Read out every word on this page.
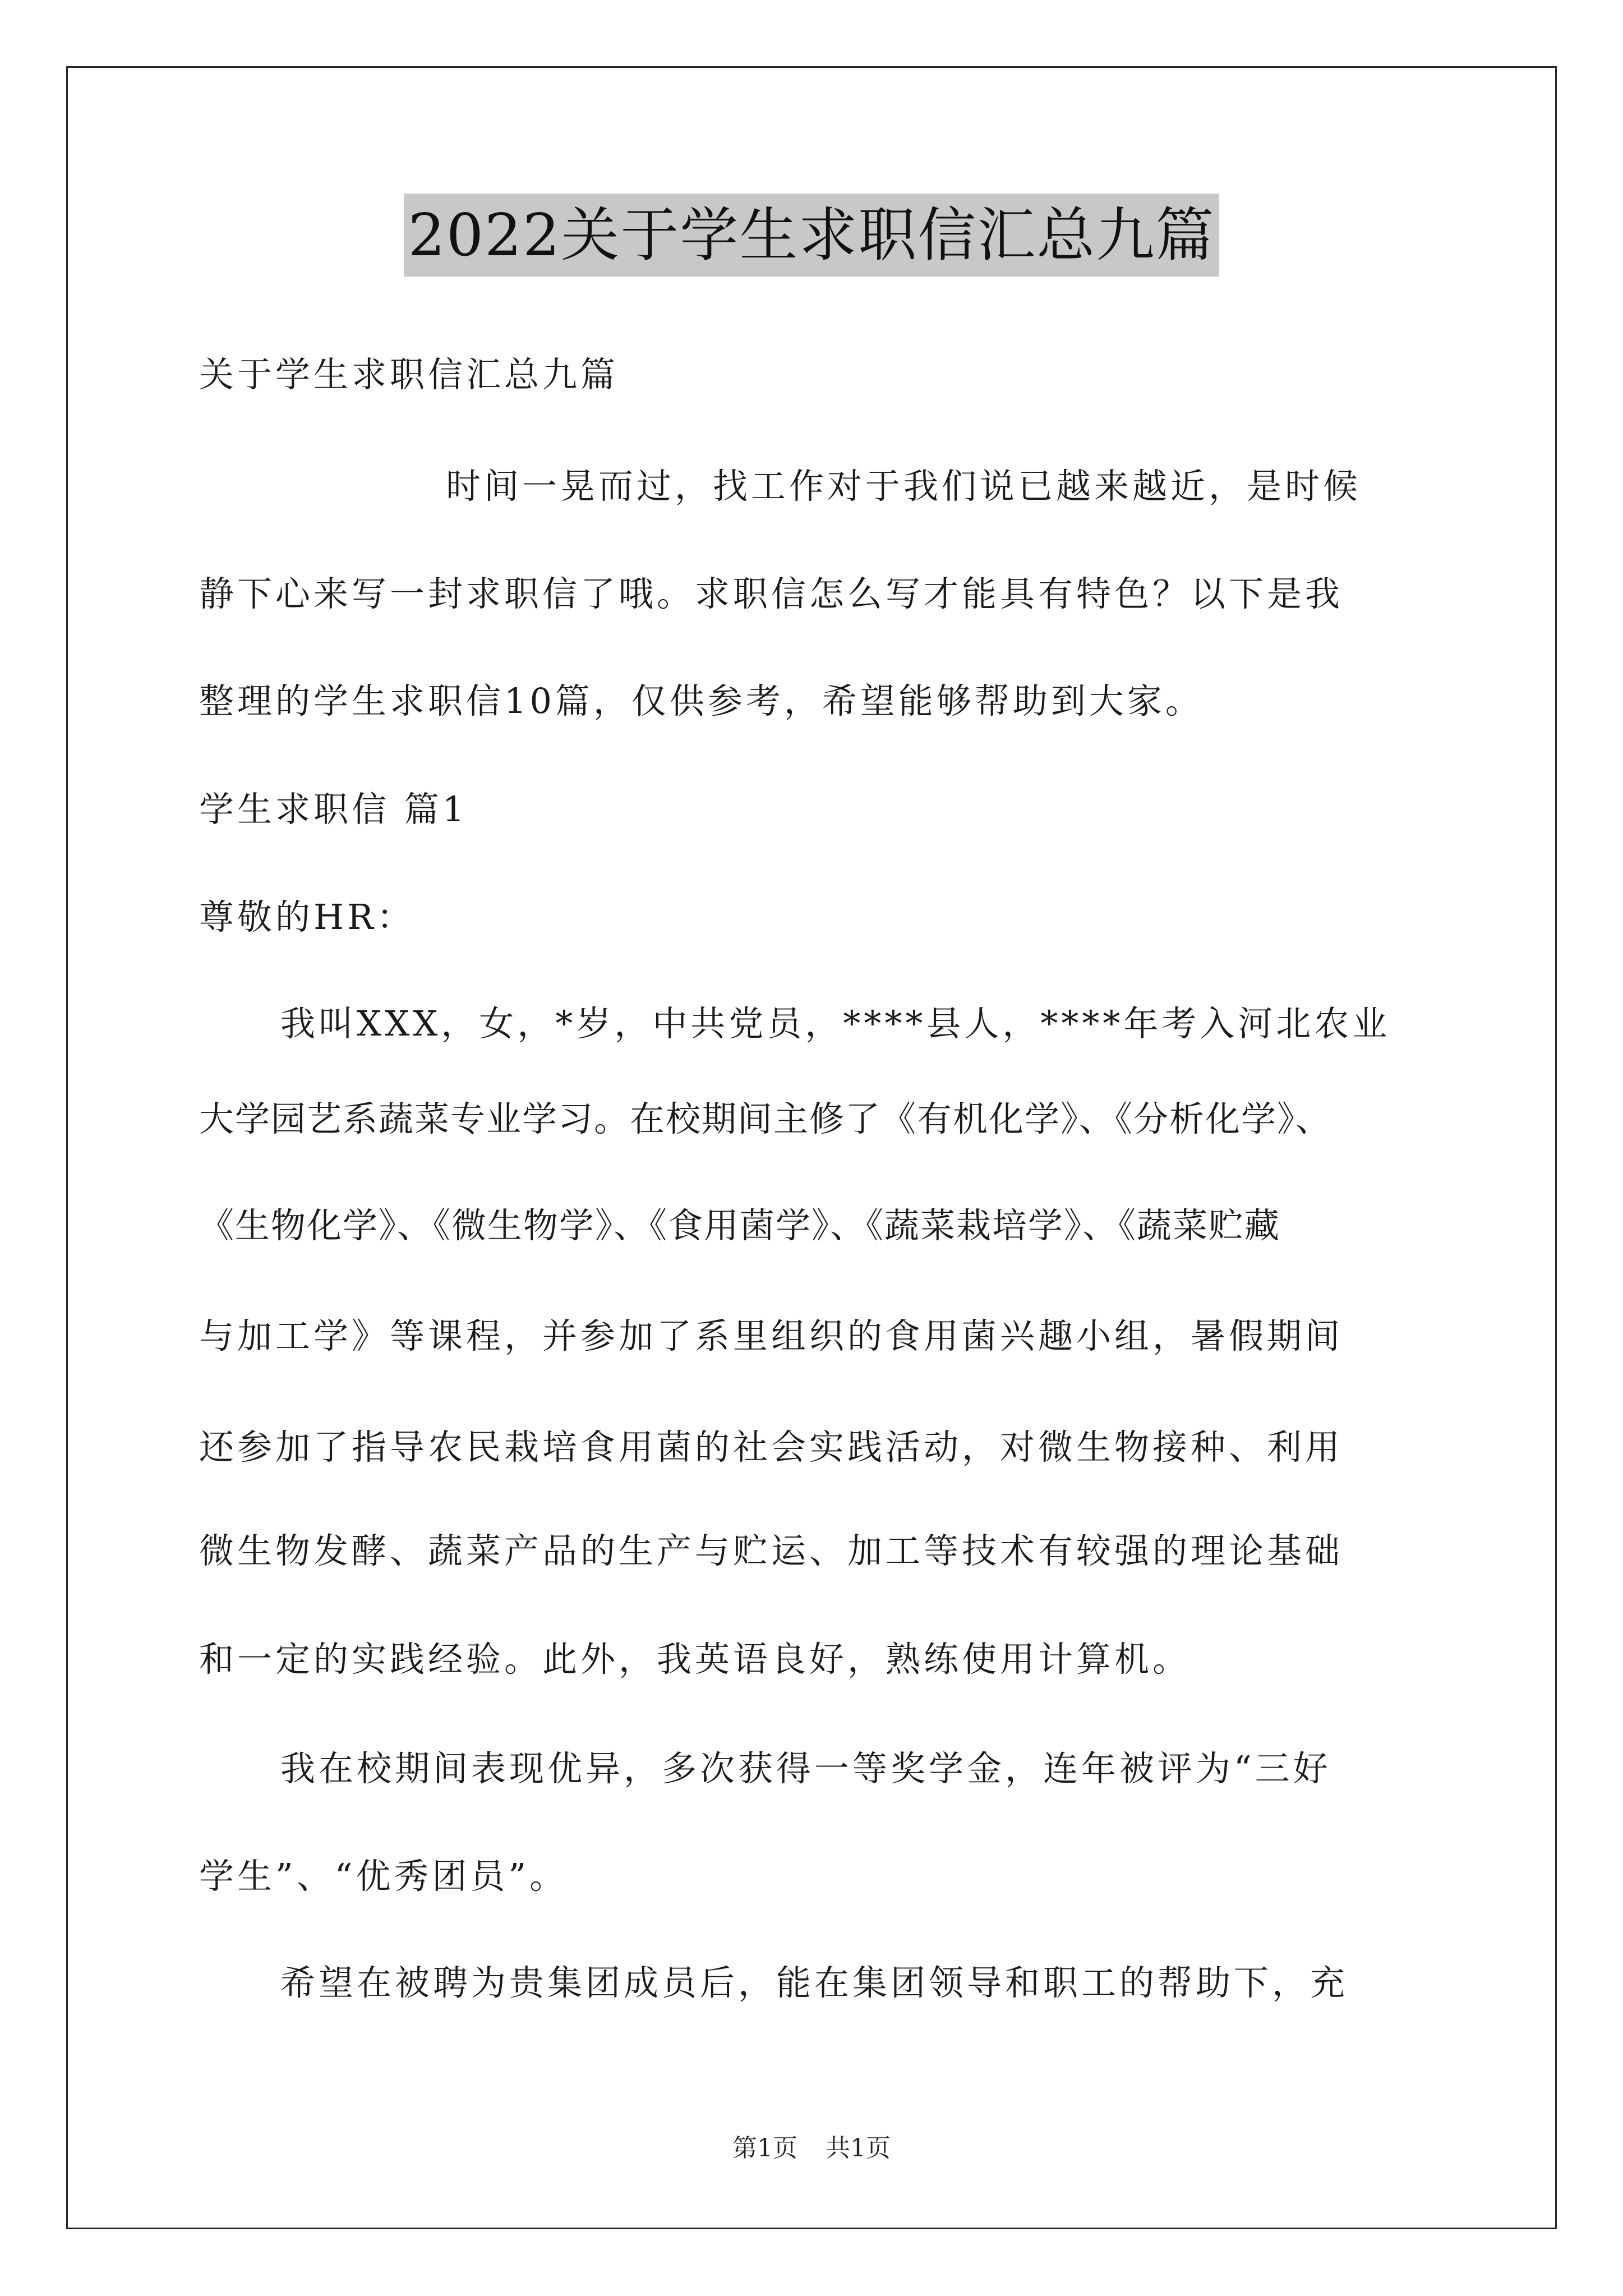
2022关于学生求职信汇总九篇
关于学生求职信汇总九篇
时间一晃而过，找工作对于我们说已越来越近，是时候
静下心来写一封求职信了哦。求职信怎么写才能具有特色？以下是我
整理的学生求职信10篇，仅供参考，希望能够帮助到大家。
学生求职信 篇1
尊敬的HR：
我叫XXX，女，*岁，中共党员，****县人，****年考入河北农业
大学园艺系蔬菜专业学习。在校期间主修了《有机化学》、《分析化学》、
《生物化学》、《微生物学》、《食用菌学》、《蔬菜栽培学》、《蔬菜贮藏
与加工学》等课程，并参加了系里组织的食用菌兴趣小组，暑假期间
还参加了指导农民栽培食用菌的社会实践活动，对微生物接种、利用
微生物发酵、蔬菜产品的生产与贮运、加工等技术有较强的理论基础
和一定的实践经验。此外，我英语良好，熟练使用计算机。
我在校期间表现优异，多次获得一等奖学金，连年被评为“三好
学生”、“优秀团员”。
希望在被聘为贵集团成员后，能在集团领导和职工的帮助下，充
第1页 共1页
